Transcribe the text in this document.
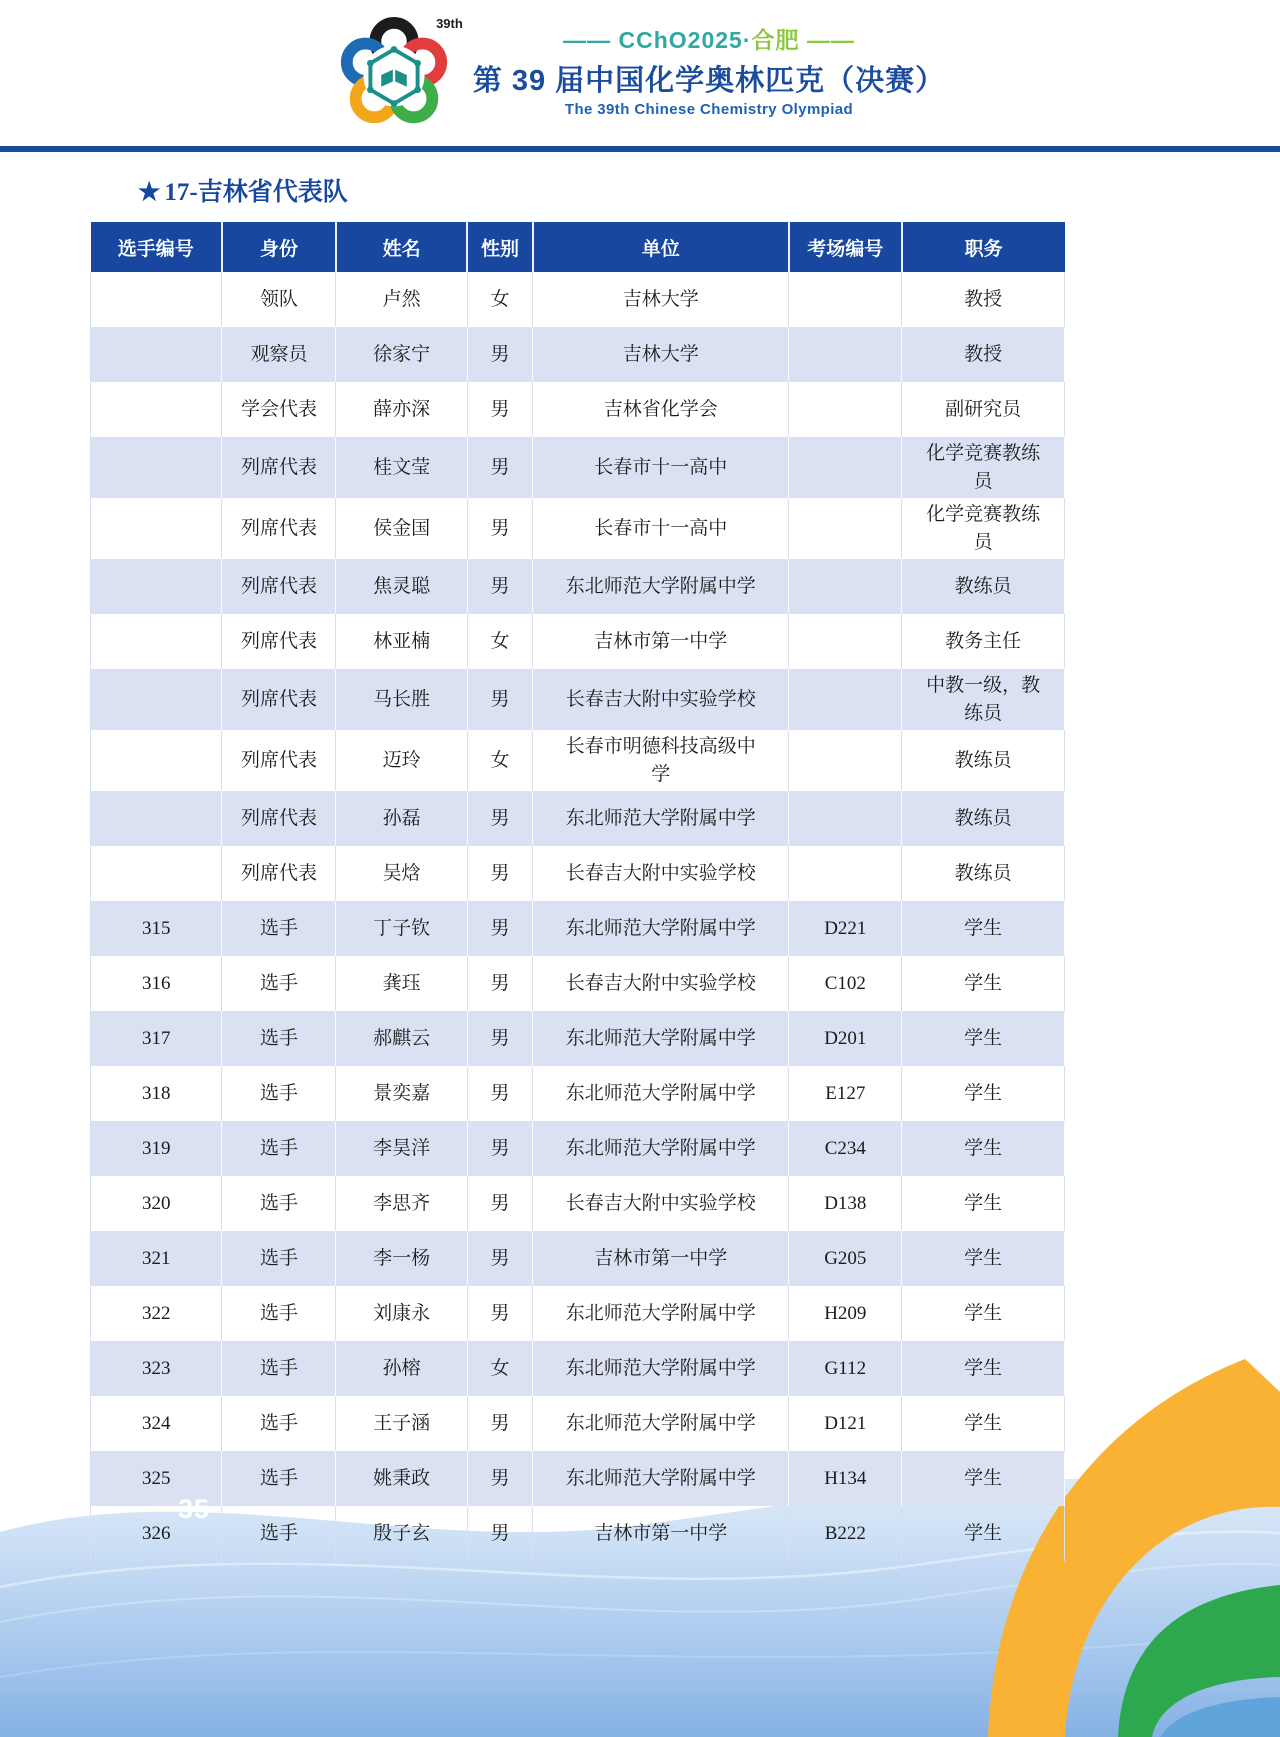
39th
—— CChO2025·合肥 ——
第 39 届中国化学奥林匹克（决赛）
The 39th Chinese Chemistry Olympiad
★ 17-吉林省代表队
选手编号	身份	姓名	性别	单位	考场编号	职务
	领队	卢然	女	吉林大学		教授
	观察员	徐家宁	男	吉林大学		教授
	学会代表	薛亦深	男	吉林省化学会		副研究员
	列席代表	桂文莹	男	长春市十一高中		化学竞赛教练员
	列席代表	侯金国	男	长春市十一高中		化学竞赛教练员
	列席代表	焦灵聪	男	东北师范大学附属中学		教练员
	列席代表	林亚楠	女	吉林市第一中学		教务主任
	列席代表	马长胜	男	长春吉大附中实验学校		中教一级，教练员
	列席代表	迈玲	女	长春市明德科技高级中学		教练员
	列席代表	孙磊	男	东北师范大学附属中学		教练员
	列席代表	吴焓	男	长春吉大附中实验学校		教练员
315	选手	丁子钦	男	东北师范大学附属中学	D221	学生
316	选手	龚珏	男	长春吉大附中实验学校	C102	学生
317	选手	郝麒云	男	东北师范大学附属中学	D201	学生
318	选手	景奕嘉	男	东北师范大学附属中学	E127	学生
319	选手	李昊洋	男	东北师范大学附属中学	C234	学生
320	选手	李思齐	男	长春吉大附中实验学校	D138	学生
321	选手	李一杨	男	吉林市第一中学	G205	学生
322	选手	刘康永	男	东北师范大学附属中学	H209	学生
323	选手	孙榕	女	东北师范大学附属中学	G112	学生
324	选手	王子涵	男	东北师范大学附属中学	D121	学生
325	选手	姚秉政	男	东北师范大学附属中学	H134	学生
326	选手	殷子玄	男	吉林市第一中学	B222	学生
35
